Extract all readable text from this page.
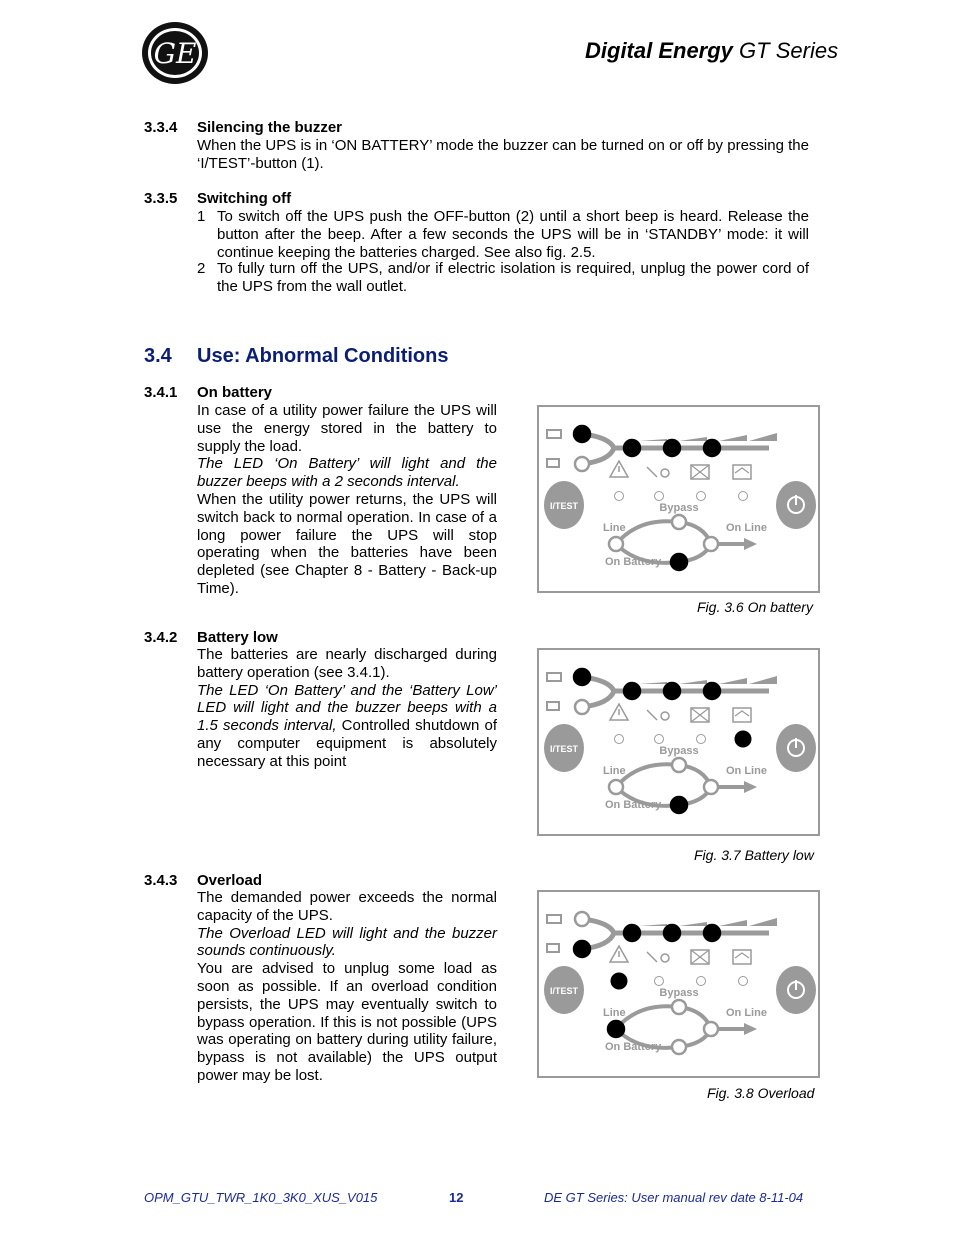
GE	Digital Energy GT Series
3.3.4 Silencing the buzzer
When the UPS is in ‘ON BATTERY’ mode the buzzer can be turned on or off by pressing the ‘I/TEST’-button (1).
3.3.5 Switching off
1 To switch off the UPS push the OFF-button (2) until a short beep is heard. Release the button after the beep. After a few seconds the UPS will be in ‘STANDBY’ mode: it will continue keeping the batteries charged. See also fig. 2.5.
2 To fully turn off the UPS, and/or if electric isolation is required, unplug the power cord of the UPS from the wall outlet.
3.4 Use: Abnormal Conditions
3.4.1 On battery
In case of a utility power failure the UPS will use the energy stored in the battery to supply the load.
The LED ‘On Battery’ will light and the buzzer beeps with a 2 seconds interval.
When the utility power returns, the UPS will switch back to normal operation. In case of a long power failure the UPS will stop operating when the batteries have been depleted (see Chapter 8 - Battery - Back-up Time).
3.4.2 Battery low
The batteries are nearly discharged during battery operation (see 3.4.1).
The LED ‘On Battery’ and the ‘Battery Low’ LED will light and the buzzer beeps with a 1.5 seconds interval, Controlled shutdown of any computer equipment is absolutely necessary at this point
3.4.3 Overload
The demanded power exceeds the normal capacity of the UPS.
The Overload LED will light and the buzzer sounds continuously.
You are advised to unplug some load as soon as possible. If an overload condition persists, the UPS may eventually switch to bypass operation. If this is not possible (UPS was operating on battery during utility failure, bypass is not available) the UPS output power may be lost.
I/TEST	Bypass
Line	On Line
On Battery
Fig. 3.6 On battery
I/TEST	Bypass
Line	On Line
On Battery
Fig. 3.7 Battery low
I/TEST	Bypass
Line	On Line
On Battery
Fig. 3.8 Overload
OPM_GTU_TWR_1K0_3K0_XUS_V015	12	DE GT Series: User manual rev date 8-11-04
